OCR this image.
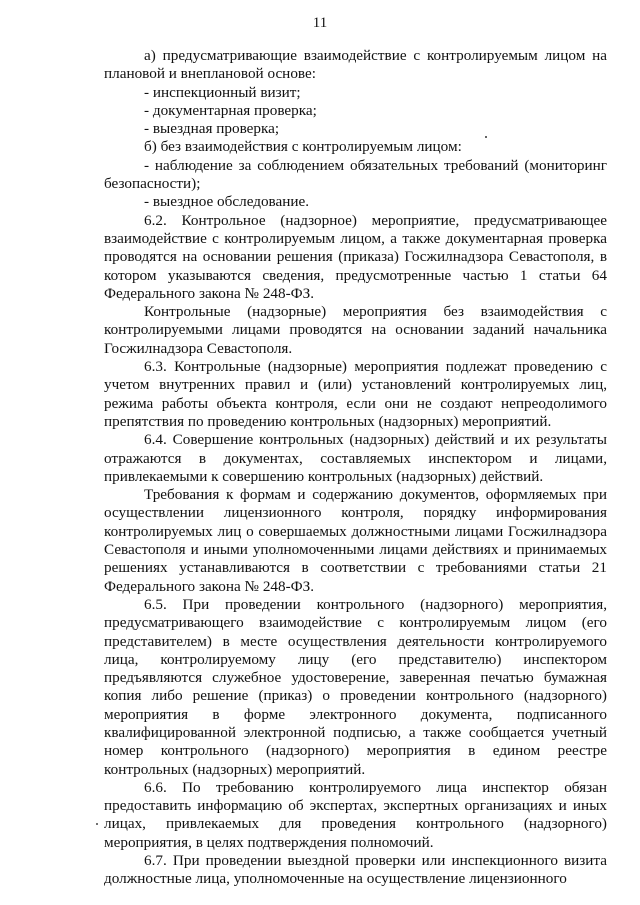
11

а) предусматривающие взаимодействие с контролируемым лицом на плановой и внеплановой основе:

- инспекционный визит;

- документарная проверка;

- выездная проверка;

б) без взаимодействия с контролируемым лицом:

- наблюдение за соблюдением обязательных требований (мониторинг безопасности);

- выездное обследование.

6.2. Контрольное (надзорное) мероприятие, предусматривающее взаимодействие с контролируемым лицом, а также документарная проверка проводятся на основании решения (приказа) Госжилнадзора Севастополя, в котором указываются сведения, предусмотренные частью 1 статьи 64 Федерального закона № 248-ФЗ.

Контрольные (надзорные) мероприятия без взаимодействия с контролируемыми лицами проводятся на основании заданий начальника Госжилнадзора Севастополя.

6.3. Контрольные (надзорные) мероприятия подлежат проведению с учетом внутренних правил и (или) установлений контролируемых лиц, режима работы объекта контроля, если они не создают непреодолимого препятствия по проведению контрольных (надзорных) мероприятий.

6.4. Совершение контрольных (надзорных) действий и их результаты отражаются в документах, составляемых инспектором и лицами, привлекаемыми к совершению контрольных (надзорных) действий.

Требования к формам и содержанию документов, оформляемых при осуществлении лицензионного контроля, порядку информирования контролируемых лиц о совершаемых должностными лицами Госжилнадзора Севастополя и иными уполномоченными лицами действиях и принимаемых решениях устанавливаются в соответствии с требованиями статьи 21 Федерального закона № 248-ФЗ.

6.5. При проведении контрольного (надзорного) мероприятия, предусматривающего взаимодействие с контролируемым лицом (его представителем) в месте осуществления деятельности контролируемого лица, контролируемому лицу (его представителю) инспектором предъявляются служебное удостоверение, заверенная печатью бумажная копия либо решение (приказ) о проведении контрольного (надзорного) мероприятия в форме электронного документа, подписанного квалифицированной электронной подписью, а также сообщается учетный номер контрольного (надзорного) мероприятия в едином реестре контрольных (надзорных) мероприятий.

6.6. По требованию контролируемого лица инспектор обязан предоставить информацию об экспертах, экспертных организациях и иных лицах, привлекаемых для проведения контрольного (надзорного) мероприятия, в целях подтверждения полномочий.

6.7. При проведении выездной проверки или инспекционного визита должностные лица, уполномоченные на осуществление лицензионного
